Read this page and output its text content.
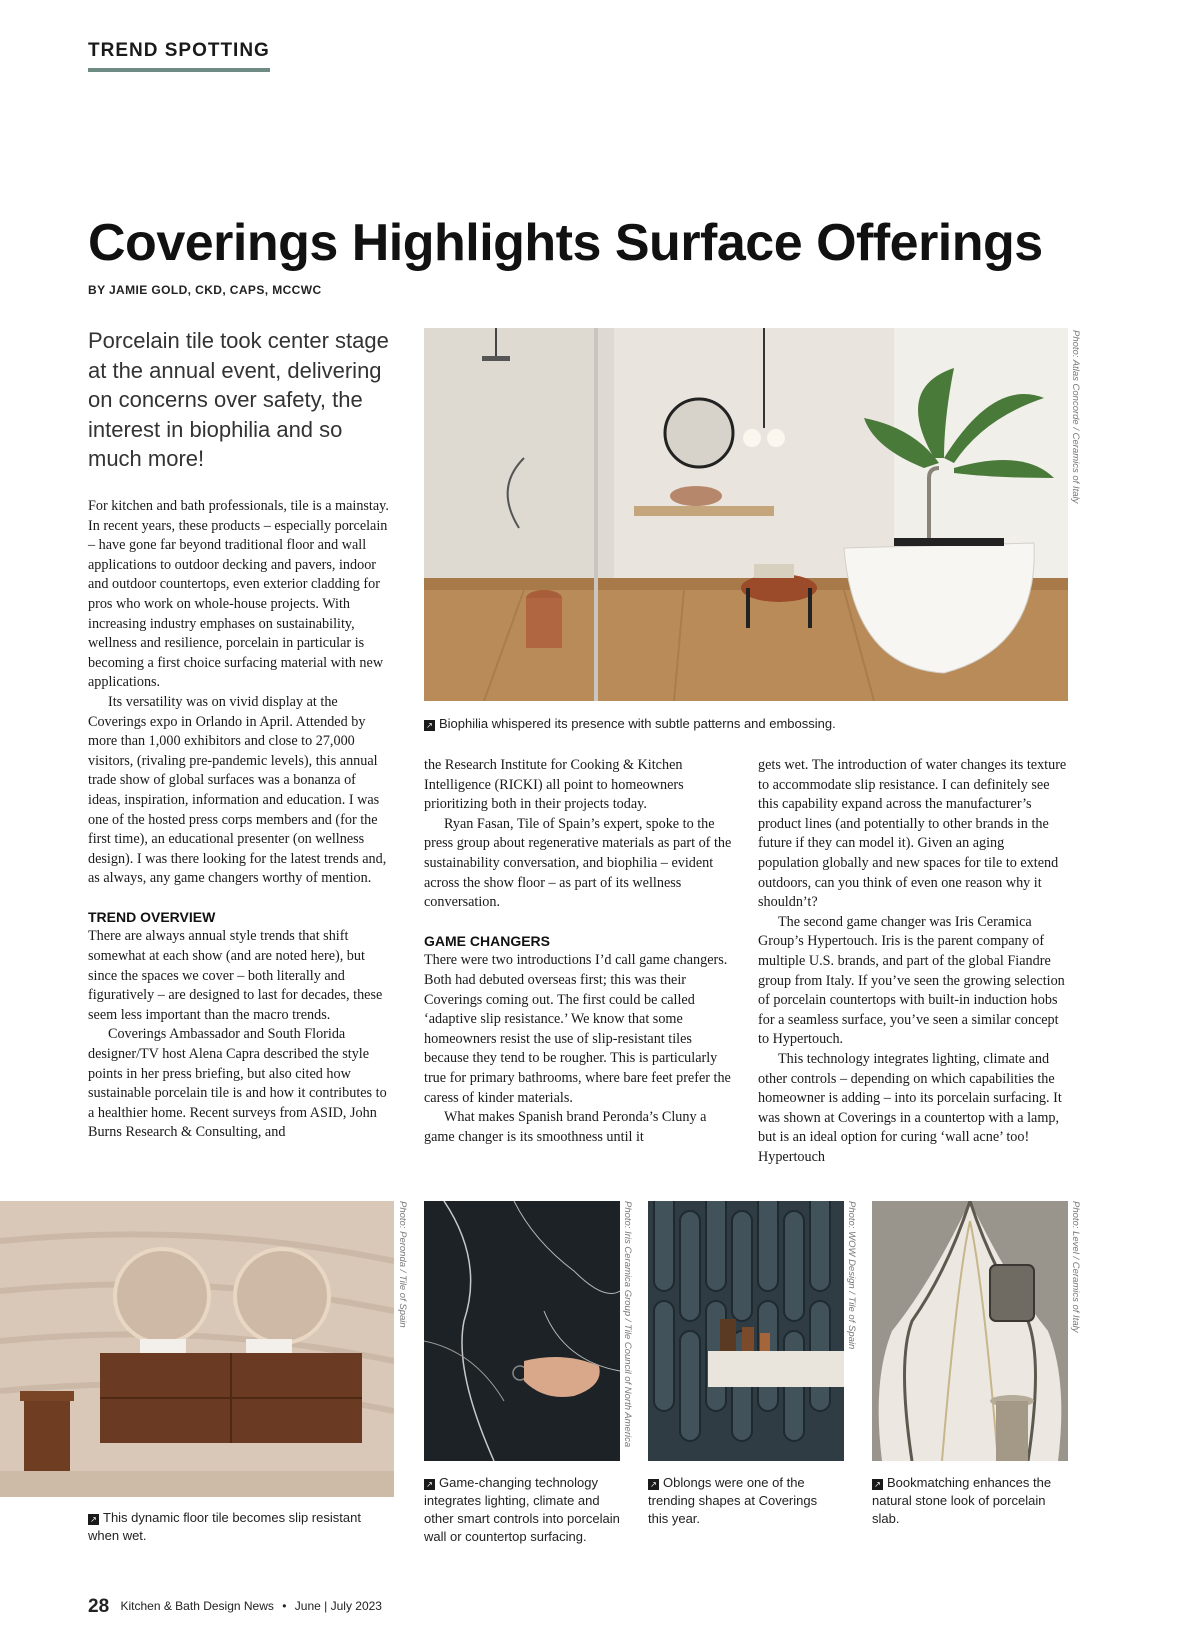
TREND SPOTTING
Coverings Highlights Surface Offerings
BY JAMIE GOLD, CKD, CAPS, MCCWC
Porcelain tile took center stage at the annual event, delivering on concerns over safety, the interest in biophilia and so much more!	Photo: Atlas Concorde / Ceramics of Italy
↗ Biophilia whispered its presence with subtle patterns and embossing.

For kitchen and bath professionals, tile is a mainstay. In recent years, these products – especially porcelain – have gone far beyond traditional floor and wall applications to outdoor decking and pavers, indoor and outdoor countertops, even exterior cladding for pros who work on whole-house projects. With increasing industry emphases on sustainability, wellness and resilience, porcelain in particular is becoming a first choice surfacing material with new applications.

Its versatility was on vivid display at the Coverings expo in Orlando in April. Attended by more than 1,000 exhibitors and close to 27,000 visitors, (rivaling pre-pandemic levels), this annual trade show of global surfaces was a bonanza of ideas, inspiration, information and education. I was one of the hosted press corps members and (for the first time), an educational presenter (on wellness design). I was there looking for the latest trends and, as always, any game changers worthy of mention.

TREND OVERVIEW

There are always annual style trends that shift somewhat at each show (and are noted here), but since the spaces we cover – both literally and figuratively – are designed to last for decades, these seem less important than the macro trends.

Coverings Ambassador and South Florida designer/TV host Alena Capra described the style points in her press briefing, but also cited how sustainable porcelain tile is and how it contributes to a healthier home. Recent surveys from ASID, John Burns Research & Consulting, and

the Research Institute for Cooking & Kitchen Intelligence (RICKI) all point to homeowners prioritizing both in their projects today.

Ryan Fasan, Tile of Spain’s expert, spoke to the press group about regenerative materials as part of the sustainability conversation, and biophilia – evident across the show floor – as part of its wellness conversation.

GAME CHANGERS

There were two introductions I’d call game changers. Both had debuted overseas first; this was their Coverings coming out. The first could be called ‘adaptive slip resistance.’ We know that some homeowners resist the use of slip-resistant tiles because they tend to be rougher. This is particularly true for primary bathrooms, where bare feet prefer the caress of kinder materials.

What makes Spanish brand Peronda’s Cluny a game changer is its smoothness until it

gets wet. The introduction of water changes its texture to accommodate slip resistance. I can definitely see this capability expand across the manufacturer’s product lines (and potentially to other brands in the future if they can model it). Given an aging population globally and new spaces for tile to extend outdoors, can you think of even one reason why it shouldn’t?

The second game changer was Iris Ceramica Group’s Hypertouch. Iris is the parent company of multiple U.S. brands, and part of the global Fiandre group from Italy. If you’ve seen the growing selection of porcelain countertops with built-in induction hobs for a seamless surface, you’ve seen a similar concept to Hypertouch.

This technology integrates lighting, climate and other controls – depending on which capabilities the homeowner is adding – into its porcelain surfacing. It was shown at Coverings in a countertop with a lamp, but is an ideal option for curing ‘wall acne’ too! Hypertouch

Photo: Peronda / Tile of Spain
↗ This dynamic floor tile becomes slip resistant when wet.
Photo: Iris Ceramica Group / Tile Council of North America
↗ Game-changing technology integrates lighting, climate and other smart controls into porcelain wall or countertop surfacing.
Photo: WOW Design / Tile of Spain
↗ Oblongs were one of the trending shapes at Coverings this year.
Photo: Level / Ceramics of Italy
↗ Bookmatching enhances the natural stone look of porcelain slab.
28 Kitchen & Bath Design News • June | July 2023
